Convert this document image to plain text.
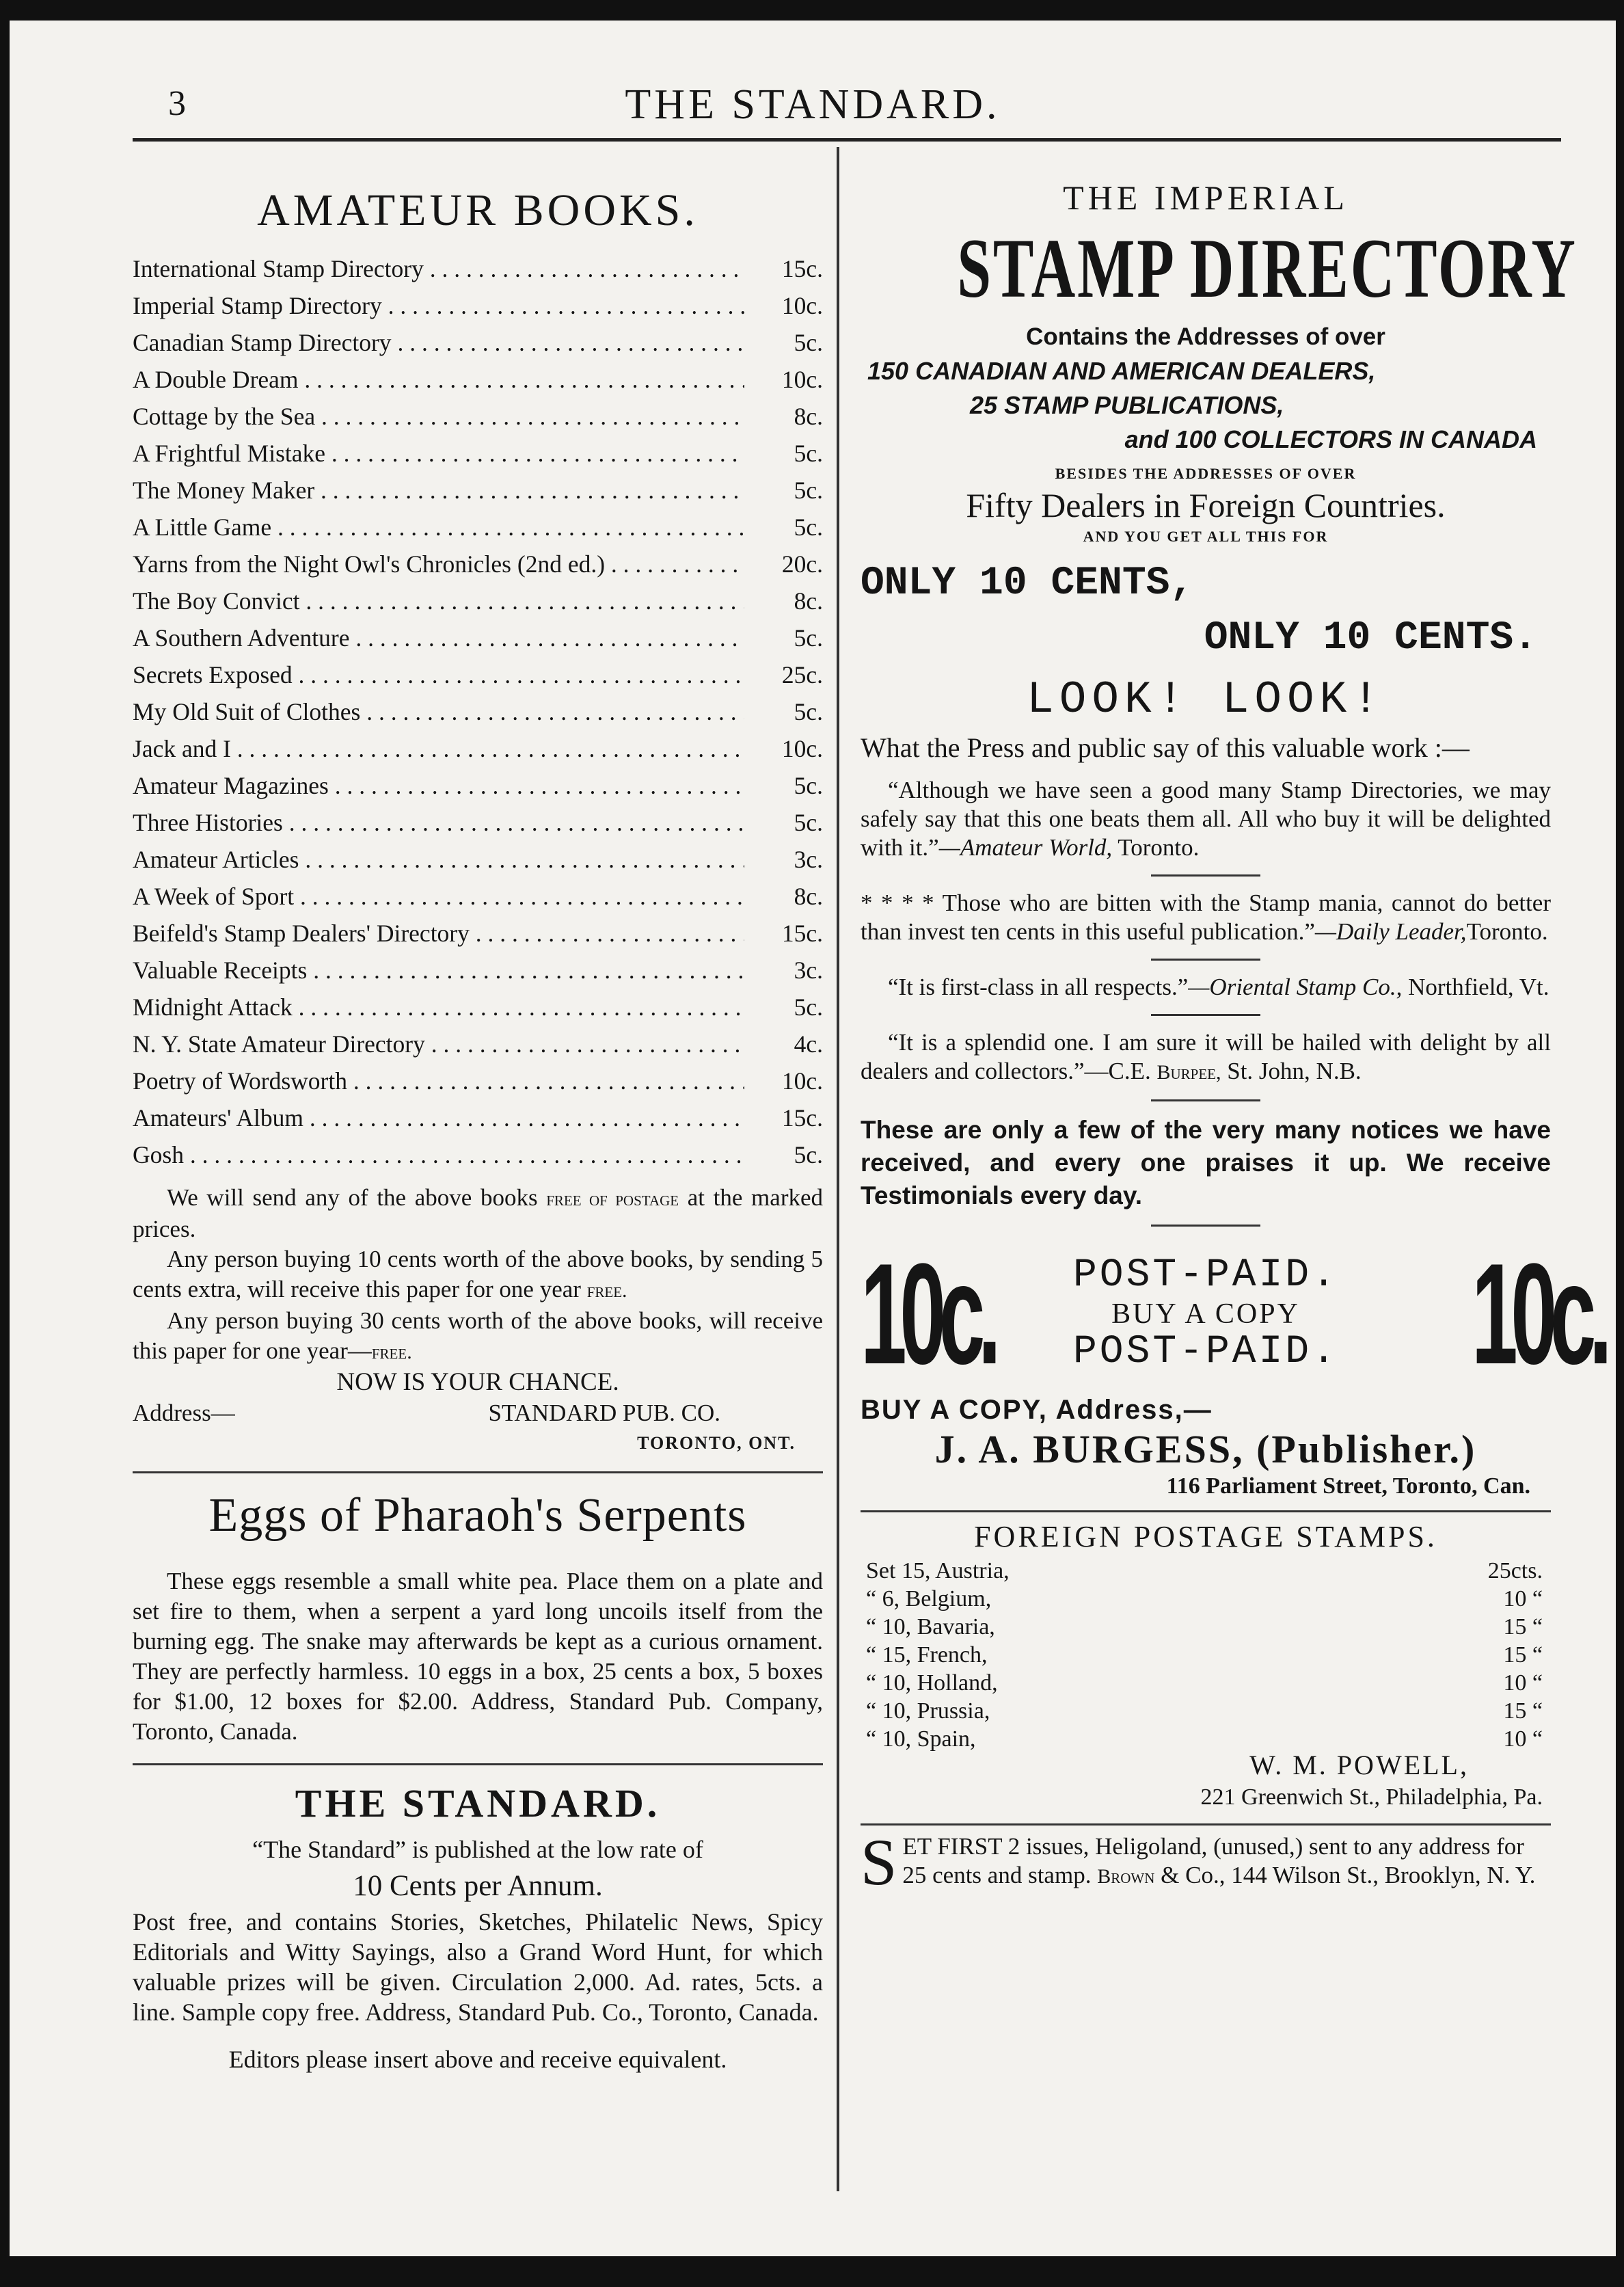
3	THE STANDARD.
AMATEUR BOOKS.
International Stamp Directory . . .	15c.
Imperial Stamp Directory . . .	10c.
Canadian Stamp Directory . . .	5c.
A Double Dream . . .	10c.
Cottage by the Sea . . .	8c.
A Frightful Mistake . . .	5c.
The Money Maker . . .	5c.
A Little Game . . .	5c.
Yarns from the Night Owl's Chronicles (2nd ed.) . . .	20c.
The Boy Convict . . .	8c.
A Southern Adventure . . .	5c.
Secrets Exposed . . .	25c.
My Old Suit of Clothes . . .	5c.
Jack and I . . .	10c.
Amateur Magazines . . .	5c.
Three Histories . . .	5c.
Amateur Articles . . .	3c.
A Week of Sport . . .	8c.
Beifeld's Stamp Dealers' Directory . . .	15c.
Valuable Receipts . . .	3c.
Midnight Attack . . .	5c.
N. Y. State Amateur Directory . . .	4c.
Poetry of Wordsworth . . .	10c.
Amateurs' Album . . .	15c.
Gosh . . .	5c.

We will send any of the above books free of postage at the marked prices.

Any person buying 10 cents worth of the above books, by sending 5 cents extra, will receive this paper for one year free.

Any person buying 30 cents worth of the above books, will receive this paper for one year—free.

NOW IS YOUR CHANCE.
Address—	STANDARD PUB. CO.
TORONTO, ONT.
Eggs of Pharaoh's Serpents

These eggs resemble a small white pea. Place them on a plate and set fire to them, when a serpent a yard long uncoils itself from the burning egg. The snake may afterwards be kept as a curious ornament. They are perfectly harmless. 10 eggs in a box, 25 cents a box, 5 boxes for $1.00, 12 boxes for $2.00. Address, Standard Pub. Company, Toronto, Canada.

THE STANDARD.
“The Standard” is published at the low rate of
10 Cents per Annum.

Post free, and contains Stories, Sketches, Philatelic News, Spicy Editorials and Witty Sayings, also a Grand Word Hunt, for which valuable prizes will be given. Circulation 2,000. Ad. rates, 5cts. a line. Sample copy free. Address, Standard Pub. Co., Toronto, Canada.

Editors please insert above and receive equivalent.
THE IMPERIAL
STAMP DIRECTORY
Contains the Addresses of over
150 CANADIAN AND AMERICAN DEALERS,
25 STAMP PUBLICATIONS,
and 100 COLLECTORS IN CANADA
BESIDES THE ADDRESSES OF OVER
Fifty Dealers in Foreign Countries.
AND YOU GET ALL THIS FOR
ONLY 10 CENTS,
ONLY 10 CENTS.
LOOK! LOOK!

What the Press and public say of this valuable work :—

“Although we have seen a good many Stamp Directories, we may safely say that this one beats them all. All who buy it will be delighted with it.”—Amateur World, Toronto.

* * * * Those who are bitten with the Stamp mania, cannot do better than invest ten cents in this useful publication.”—Daily Leader,Toronto.

“It is first-class in all respects.”—Oriental Stamp Co., Northfield, Vt.

“It is a splendid one. I am sure it will be hailed with delight by all dealers and collectors.”—C.E. Burpee, St. John, N.B.

These are only a few of the very many notices we have received, and every one praises it up. We receive Testimonials every day.

10c.	POST-PAID.
BUY A COPY
POST-PAID. 10c.
BUY A COPY, Address,—
J. A. BURGESS, (Publisher.)
116 Parliament Street, Toronto, Can.
FOREIGN POSTAGE STAMPS.
Set 15, Austria,	25cts.
“ 6, Belgium,	10 “
“ 10, Bavaria,	15 “
“ 15, French,	15 “
“ 10, Holland,	10 “
“ 10, Prussia,	15 “
“ 10, Spain,	10 “
W. M. POWELL,
221 Greenwich St., Philadelphia, Pa.

SET FIRST 2 issues, Heligoland, (unused,) sent to any address for 25 cents and stamp. Brown & Co., 144 Wilson St., Brooklyn, N. Y.
